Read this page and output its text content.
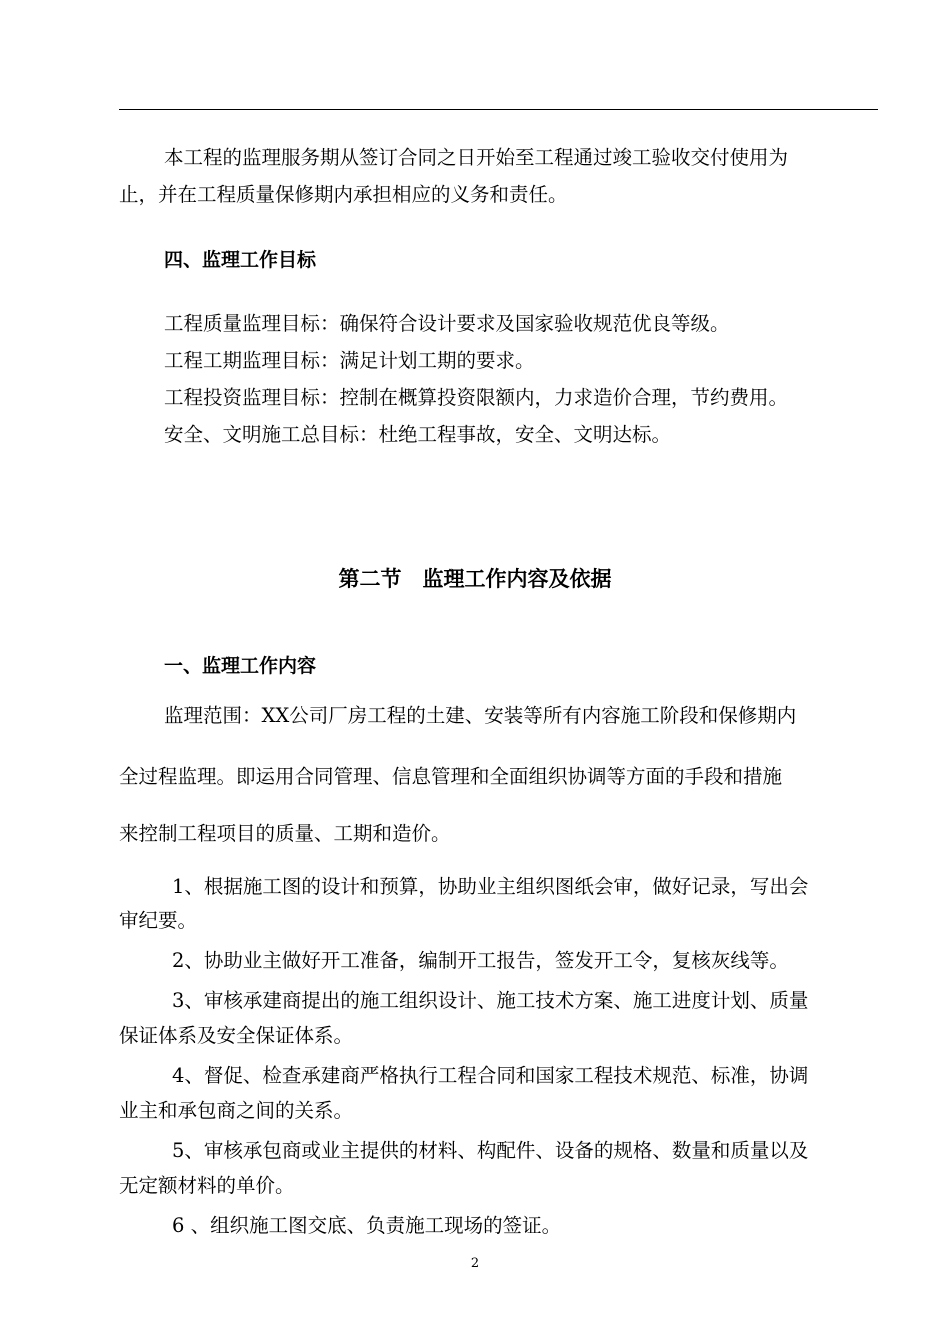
本工程的监理服务期从签订合同之日开始至工程通过竣工验收交付使用为

止，并在工程质量保修期内承担相应的义务和责任。

四、监理工作目标

工程质量监理目标：确保符合设计要求及国家验收规范优良等级。

工程工期监理目标：满足计划工期的要求。

工程投资监理目标：控制在概算投资限额内，力求造价合理，节约费用。

安全、文明施工总目标：杜绝工程事故，安全、文明达标。

第二节　监理工作内容及依据

一、监理工作内容

监理范围：XX公司厂房工程的土建、安装等所有内容施工阶段和保修期内

全过程监理。即运用合同管理、信息管理和全面组织协调等方面的手段和措施

来控制工程项目的质量、工期和造价。

1、根据施工图的设计和预算，协助业主组织图纸会审，做好记录，写出会

审纪要。

2、协助业主做好开工准备，编制开工报告，签发开工令，复核灰线等。

3、审核承建商提出的施工组织设计、施工技术方案、施工进度计划、质量

保证体系及安全保证体系。

4、督促、检查承建商严格执行工程合同和国家工程技术规范、标准，协调

业主和承包商之间的关系。

5、审核承包商或业主提供的材料、构配件、设备的规格、数量和质量以及

无定额材料的单价。

6 、组织施工图交底、负责施工现场的签证。

2
